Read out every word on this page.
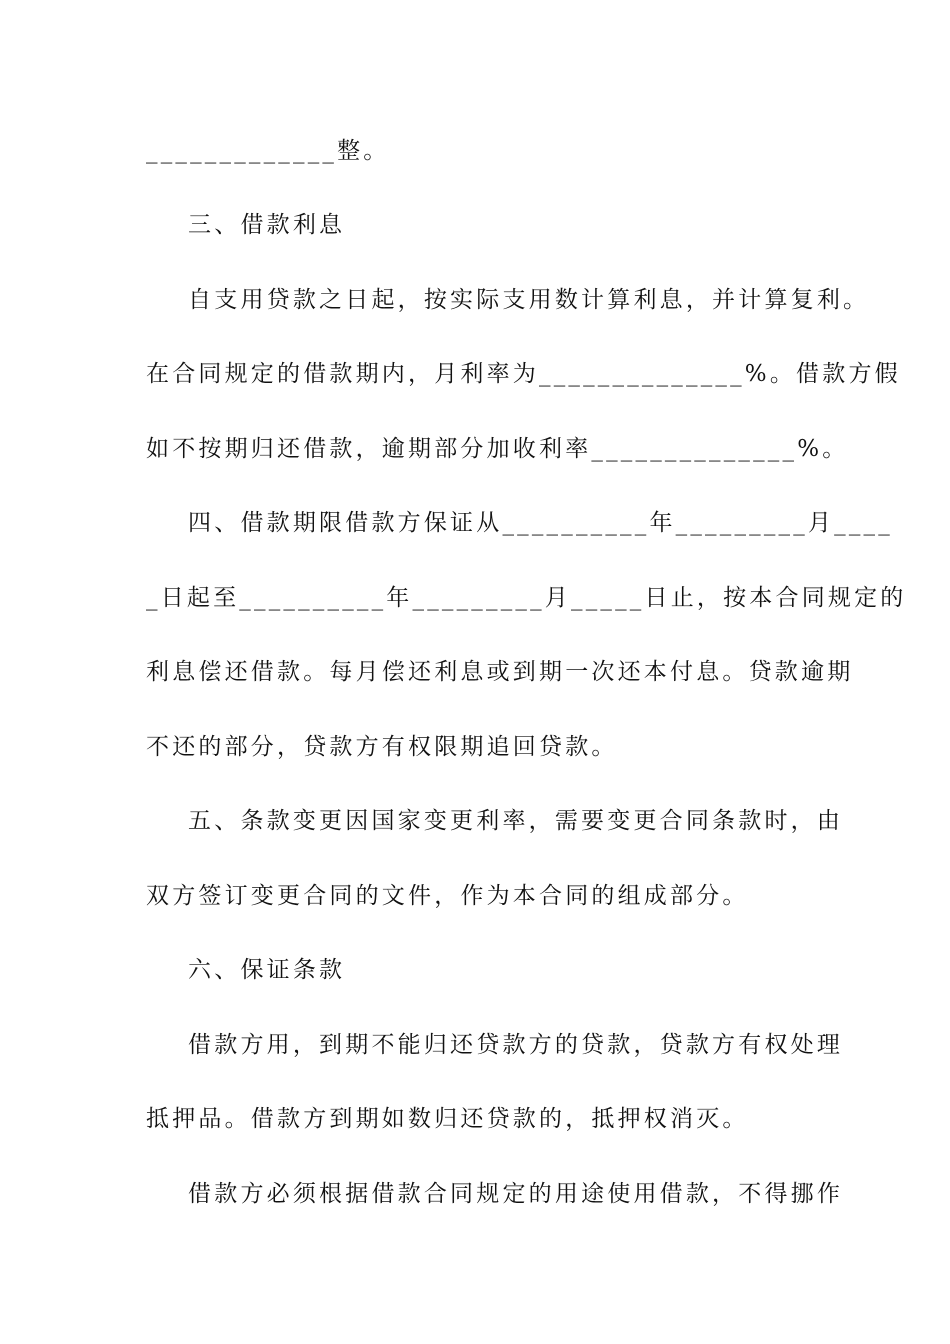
_____________整。
三、借款利息
自支用贷款之日起，按实际支用数计算利息，并计算复利。
在合同规定的借款期内，月利率为______________%。借款方假
如不按期归还借款，逾期部分加收利率______________%。
四、借款期限借款方保证从__________年_________月____
_日起至__________年_________月_____日止，按本合同规定的
利息偿还借款。每月偿还利息或到期一次还本付息。贷款逾期
不还的部分，贷款方有权限期追回贷款。
五、条款变更因国家变更利率，需要变更合同条款时，由
双方签订变更合同的文件，作为本合同的组成部分。
六、保证条款
借款方用，到期不能归还贷款方的贷款，贷款方有权处理
抵押品。借款方到期如数归还贷款的，抵押权消灭。
借款方必须根据借款合同规定的用途使用借款，不得挪作
